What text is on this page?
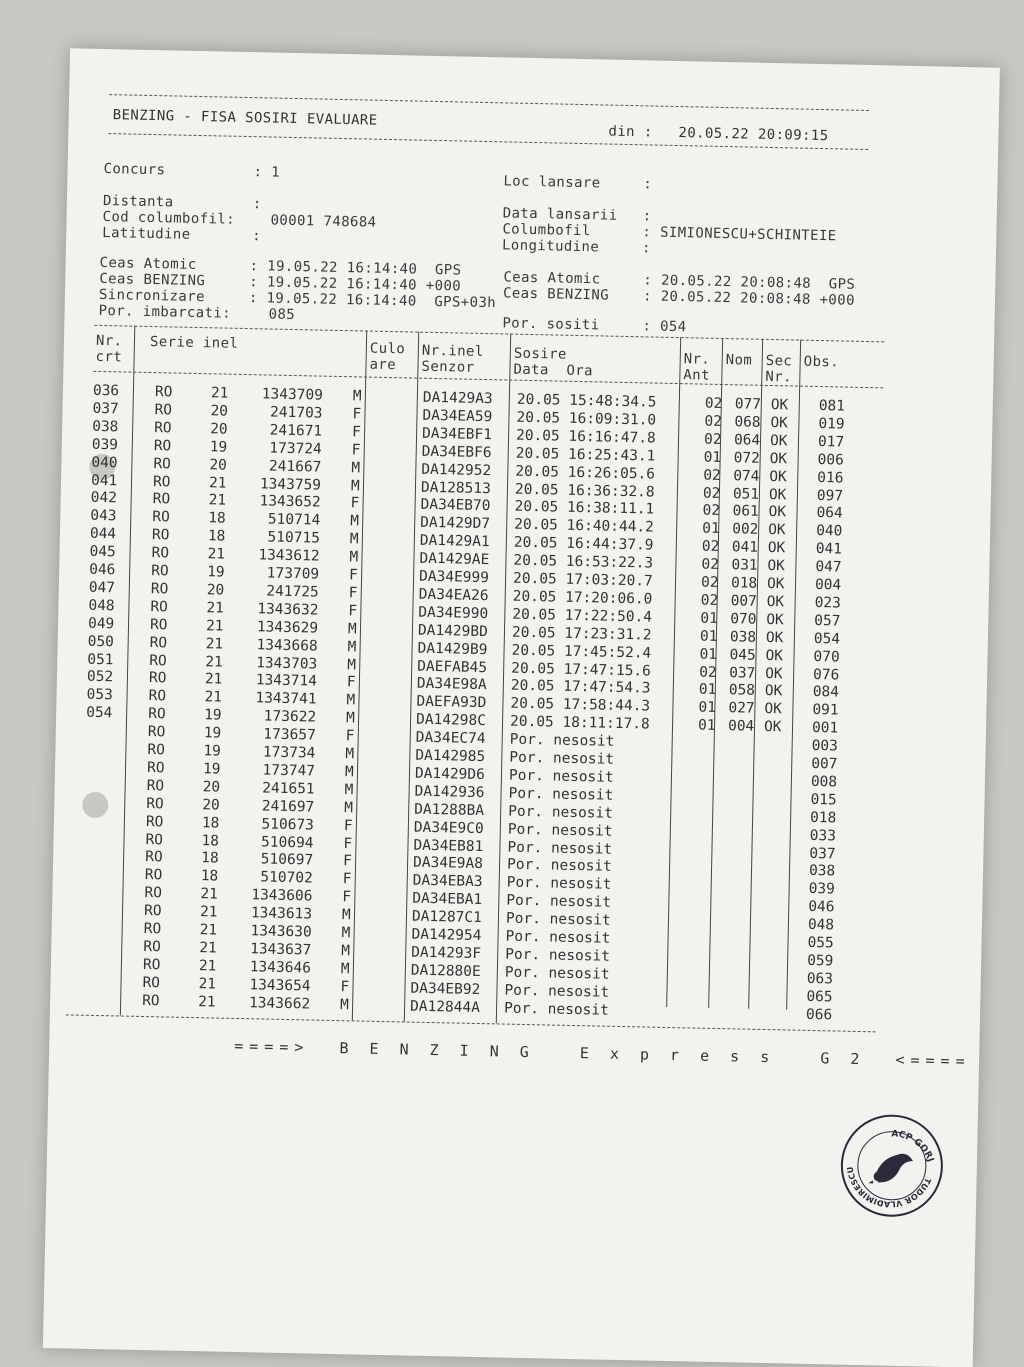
BENZING - FISA SOSIRI EVALUARE
din : 20.05.22 20:09:15
Concurs	: 1
Distanta	:
Cod columbofil:	00001 748684
Latitudine	:
Loc lansare	:
Data lansarii :
Columbofil	: SIMIONESCU+SCHINTEIE
Longitudine	:
Ceas Atomic	: 19.05.22 16:14:40  GPS
Ceas BENZING	: 19.05.22 16:14:40 +000
Sincronizare	: 19.05.22 16:14:40  GPS+03h
Por. imbarcati:	085
Ceas Atomic	: 20.05.22 20:08:48  GPS
Ceas BENZING : 20.05.22 20:08:48 +000
Por. sositi	: 054
Nr.
crt
Serie inel	Culo
are
Nr.inel
Senzor
Sosire
Data  Ora
Nr.
Ant
Nom Sec
Nr.
Obs.
036 RO	21	1343709 M	DA1429A3 20.05 15:48:34.5	02 077 OK 081
037 RO	20	241703 F	DA34EA59 20.05 16:09:31.0	02 068 OK 019
038 RO	20	241671 F	DA34EBF1 20.05 16:16:47.8	02 064 OK 017
039 RO	19	173724 F	DA34EBF6 20.05 16:25:43.1	01 072 OK 006
040 RO	20	241667 M	DA142952 20.05 16:26:05.6	02 074 OK 016
041 RO	21	1343759 M	DA128513 20.05 16:36:32.8	02 051 OK 097
042 RO	21	1343652 F	DA34EB70 20.05 16:38:11.1	02 061 OK 064
043 RO	18	510714 M	DA1429D7 20.05 16:40:44.2	01 002 OK 040
044 RO	18	510715 M	DA1429A1 20.05 16:44:37.9	02 041 OK 041
045 RO	21	1343612 M	DA1429AE 20.05 16:53:22.3	02 031 OK 047
046 RO	19	173709 F	DA34E999 20.05 17:03:20.7	02 018 OK 004
047 RO	20	241725 F	DA34EA26 20.05 17:20:06.0	02 007 OK 023
048 RO	21	1343632 F	DA34E990 20.05 17:22:50.4	01 070 OK 057
049 RO	21	1343629 M	DA1429BD 20.05 17:23:31.2	01 038 OK 054
050 RO	21	1343668 M	DA1429B9 20.05 17:45:52.4	01 045 OK 070
051 RO	21	1343703 M	DAEFAB45 20.05 17:47:15.6	02 037 OK 076
052 RO	21	1343714 F	DA34E98A 20.05 17:47:54.3	01 058 OK 084
053 RO	21	1343741 M	DAEFA93D 20.05 17:58:44.3	01 027 OK 091
054 RO	19	173622 M	DA14298C 20.05 18:11:17.8	01 004 OK 001
RO	19	173657 F	DA34EC74 Por. nesosit	003
RO	19	173734 M	DA142985 Por. nesosit	007
RO	19	173747 M	DA1429D6 Por. nesosit	008
RO	20	241651 M	DA142936 Por. nesosit	015
RO	20	241697 M	DA1288BA Por. nesosit	018
RO	18	510673 F	DA34E9C0 Por. nesosit	033
RO	18	510694 F	DA34EB81 Por. nesosit	037
RO	18	510697 F	DA34E9A8 Por. nesosit	038
RO	18	510702 F	DA34EBA3 Por. nesosit	039
RO	21	1343606 F	DA34EBA1 Por. nesosit	046
RO	21	1343613 M	DA1287C1 Por. nesosit	048
RO	21	1343630 M	DA142954 Por. nesosit	055
RO	21	1343637 M	DA14293F Por. nesosit	059
RO	21	1343646 M	DA12880E Por. nesosit	063
RO	21	1343654 F	DA34EB92 Por. nesosit	065
RO	21	1343662 M	DA12844A Por. nesosit	066
====>  B E N Z I N G   E x p r e s s   G 2  <====
ACP GORJ
TUDOR VLADIMIRESCU
